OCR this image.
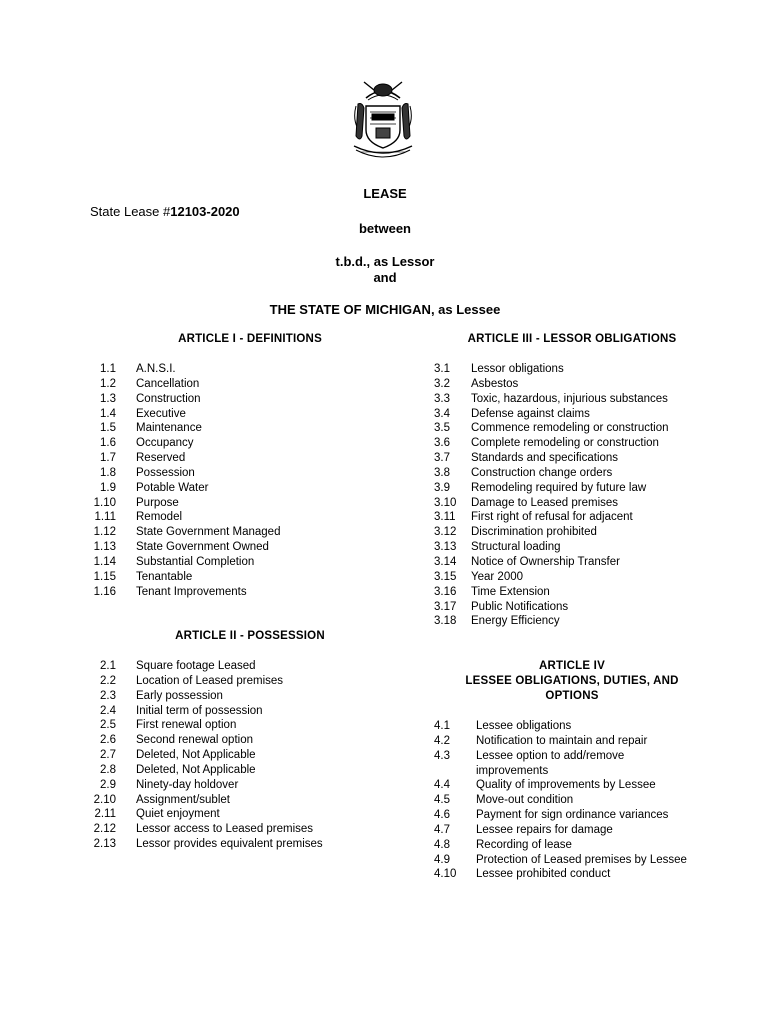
LEASE
State Lease #12103-2020
between
t.b.d., as Lessor
and
THE STATE OF MICHIGAN, as Lessee
ARTICLE I - DEFINITIONS
1.1 A.N.S.I.
1.2 Cancellation
1.3 Construction
1.4 Executive
1.5 Maintenance
1.6 Occupancy
1.7 Reserved
1.8 Possession
1.9 Potable Water
1.10 Purpose
1.11 Remodel
1.12 State Government Managed
1.13 State Government Owned
1.14 Substantial Completion
1.15 Tenantable
1.16 Tenant Improvements
ARTICLE II - POSSESSION
2.1 Square footage Leased
2.2 Location of Leased premises
2.3 Early possession
2.4 Initial term of possession
2.5 First renewal option
2.6 Second renewal option
2.7 Deleted, Not Applicable
2.8 Deleted, Not Applicable
2.9 Ninety-day holdover
2.10 Assignment/sublet
2.11 Quiet enjoyment
2.12 Lessor access to Leased premises
2.13 Lessor provides equivalent premises
ARTICLE III - LESSOR OBLIGATIONS
3.1 Lessor obligations
3.2 Asbestos
3.3 Toxic, hazardous, injurious substances
3.4 Defense against claims
3.5 Commence remodeling or construction
3.6 Complete remodeling or construction
3.7 Standards and specifications
3.8 Construction change orders
3.9 Remodeling required by future law
3.10 Damage to Leased premises
3.11 First right of refusal for adjacent
3.12 Discrimination prohibited
3.13 Structural loading
3.14 Notice of Ownership Transfer
3.15 Year 2000
3.16 Time Extension
3.17 Public Notifications
3.18 Energy Efficiency
ARTICLE IV
LESSEE OBLIGATIONS, DUTIES, AND
OPTIONS
4.1 Lessee obligations
4.2 Notification to maintain and repair
4.3 Lessee option to add/remove improvements
4.4 Quality of improvements by Lessee
4.5 Move-out condition
4.6 Payment for sign ordinance variances
4.7 Lessee repairs for damage
4.8 Recording of lease
4.9 Protection of Leased premises by Lessee
4.10 Lessee prohibited conduct
